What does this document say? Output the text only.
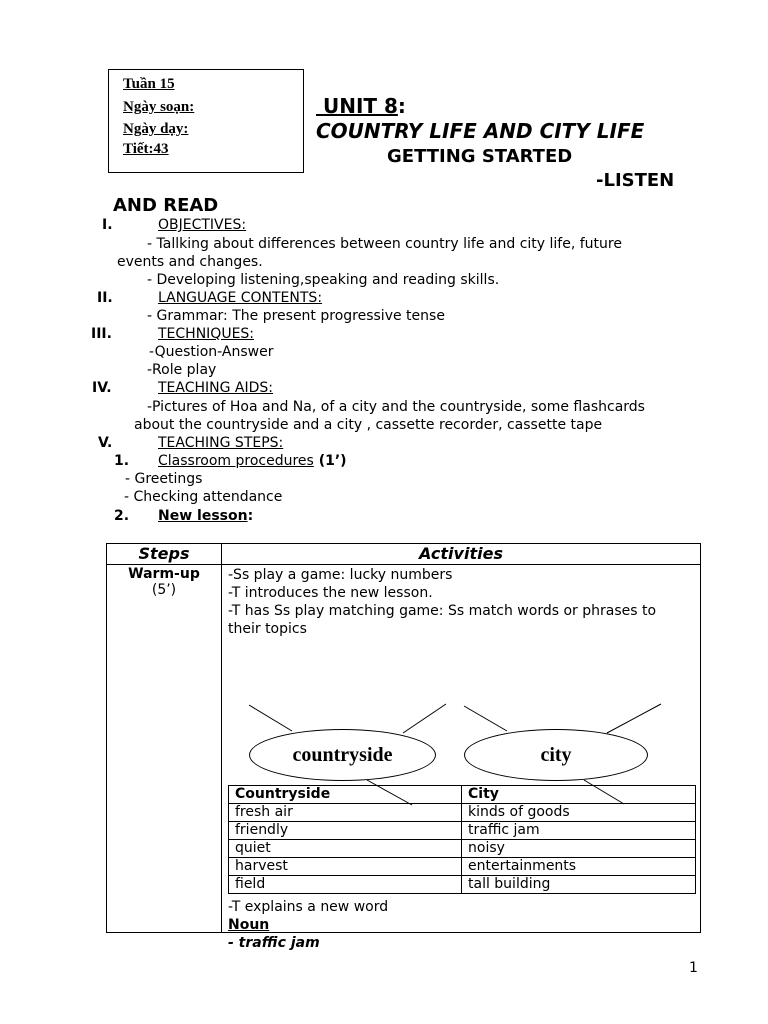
Tuần 15
Ngày soạn:
Ngày dạy:
Tiết:43
UNIT 8:
COUNTRY LIFE AND CITY LIFE
GETTING STARTED
-LISTEN
AND READ
I.	OBJECTIVES:
- Tallking about differences between country life and city life, future
events and changes.
- Developing listening,speaking and reading skills.
II.	LANGUAGE CONTENTS:
- Grammar: The present progressive tense
III.	TECHNIQUES:
-Question-Answer
-Role play
IV.	TEACHING AIDS:
-Pictures of Hoa and Na, of a city and the countryside, some flashcards
about the countryside and a city , cassette recorder, cassette tape
V.	TEACHING STEPS:
1. Classroom procedures (1’)
- Greetings
- Checking attendance
2. New lesson:
Steps	Activities

Warm-up
(5’)

-Ss play a game: lucky numbers
-T introduces the new lesson.
-T has Ss play matching game: Ss match words or phrases to
their topics
countryside	city
Countryside	City
fresh air	kinds of goods
friendly	traffic jam
quiet	noisy
harvest	entertainments
field	tall building
-T explains a new word
Noun
- traffic jam
1
